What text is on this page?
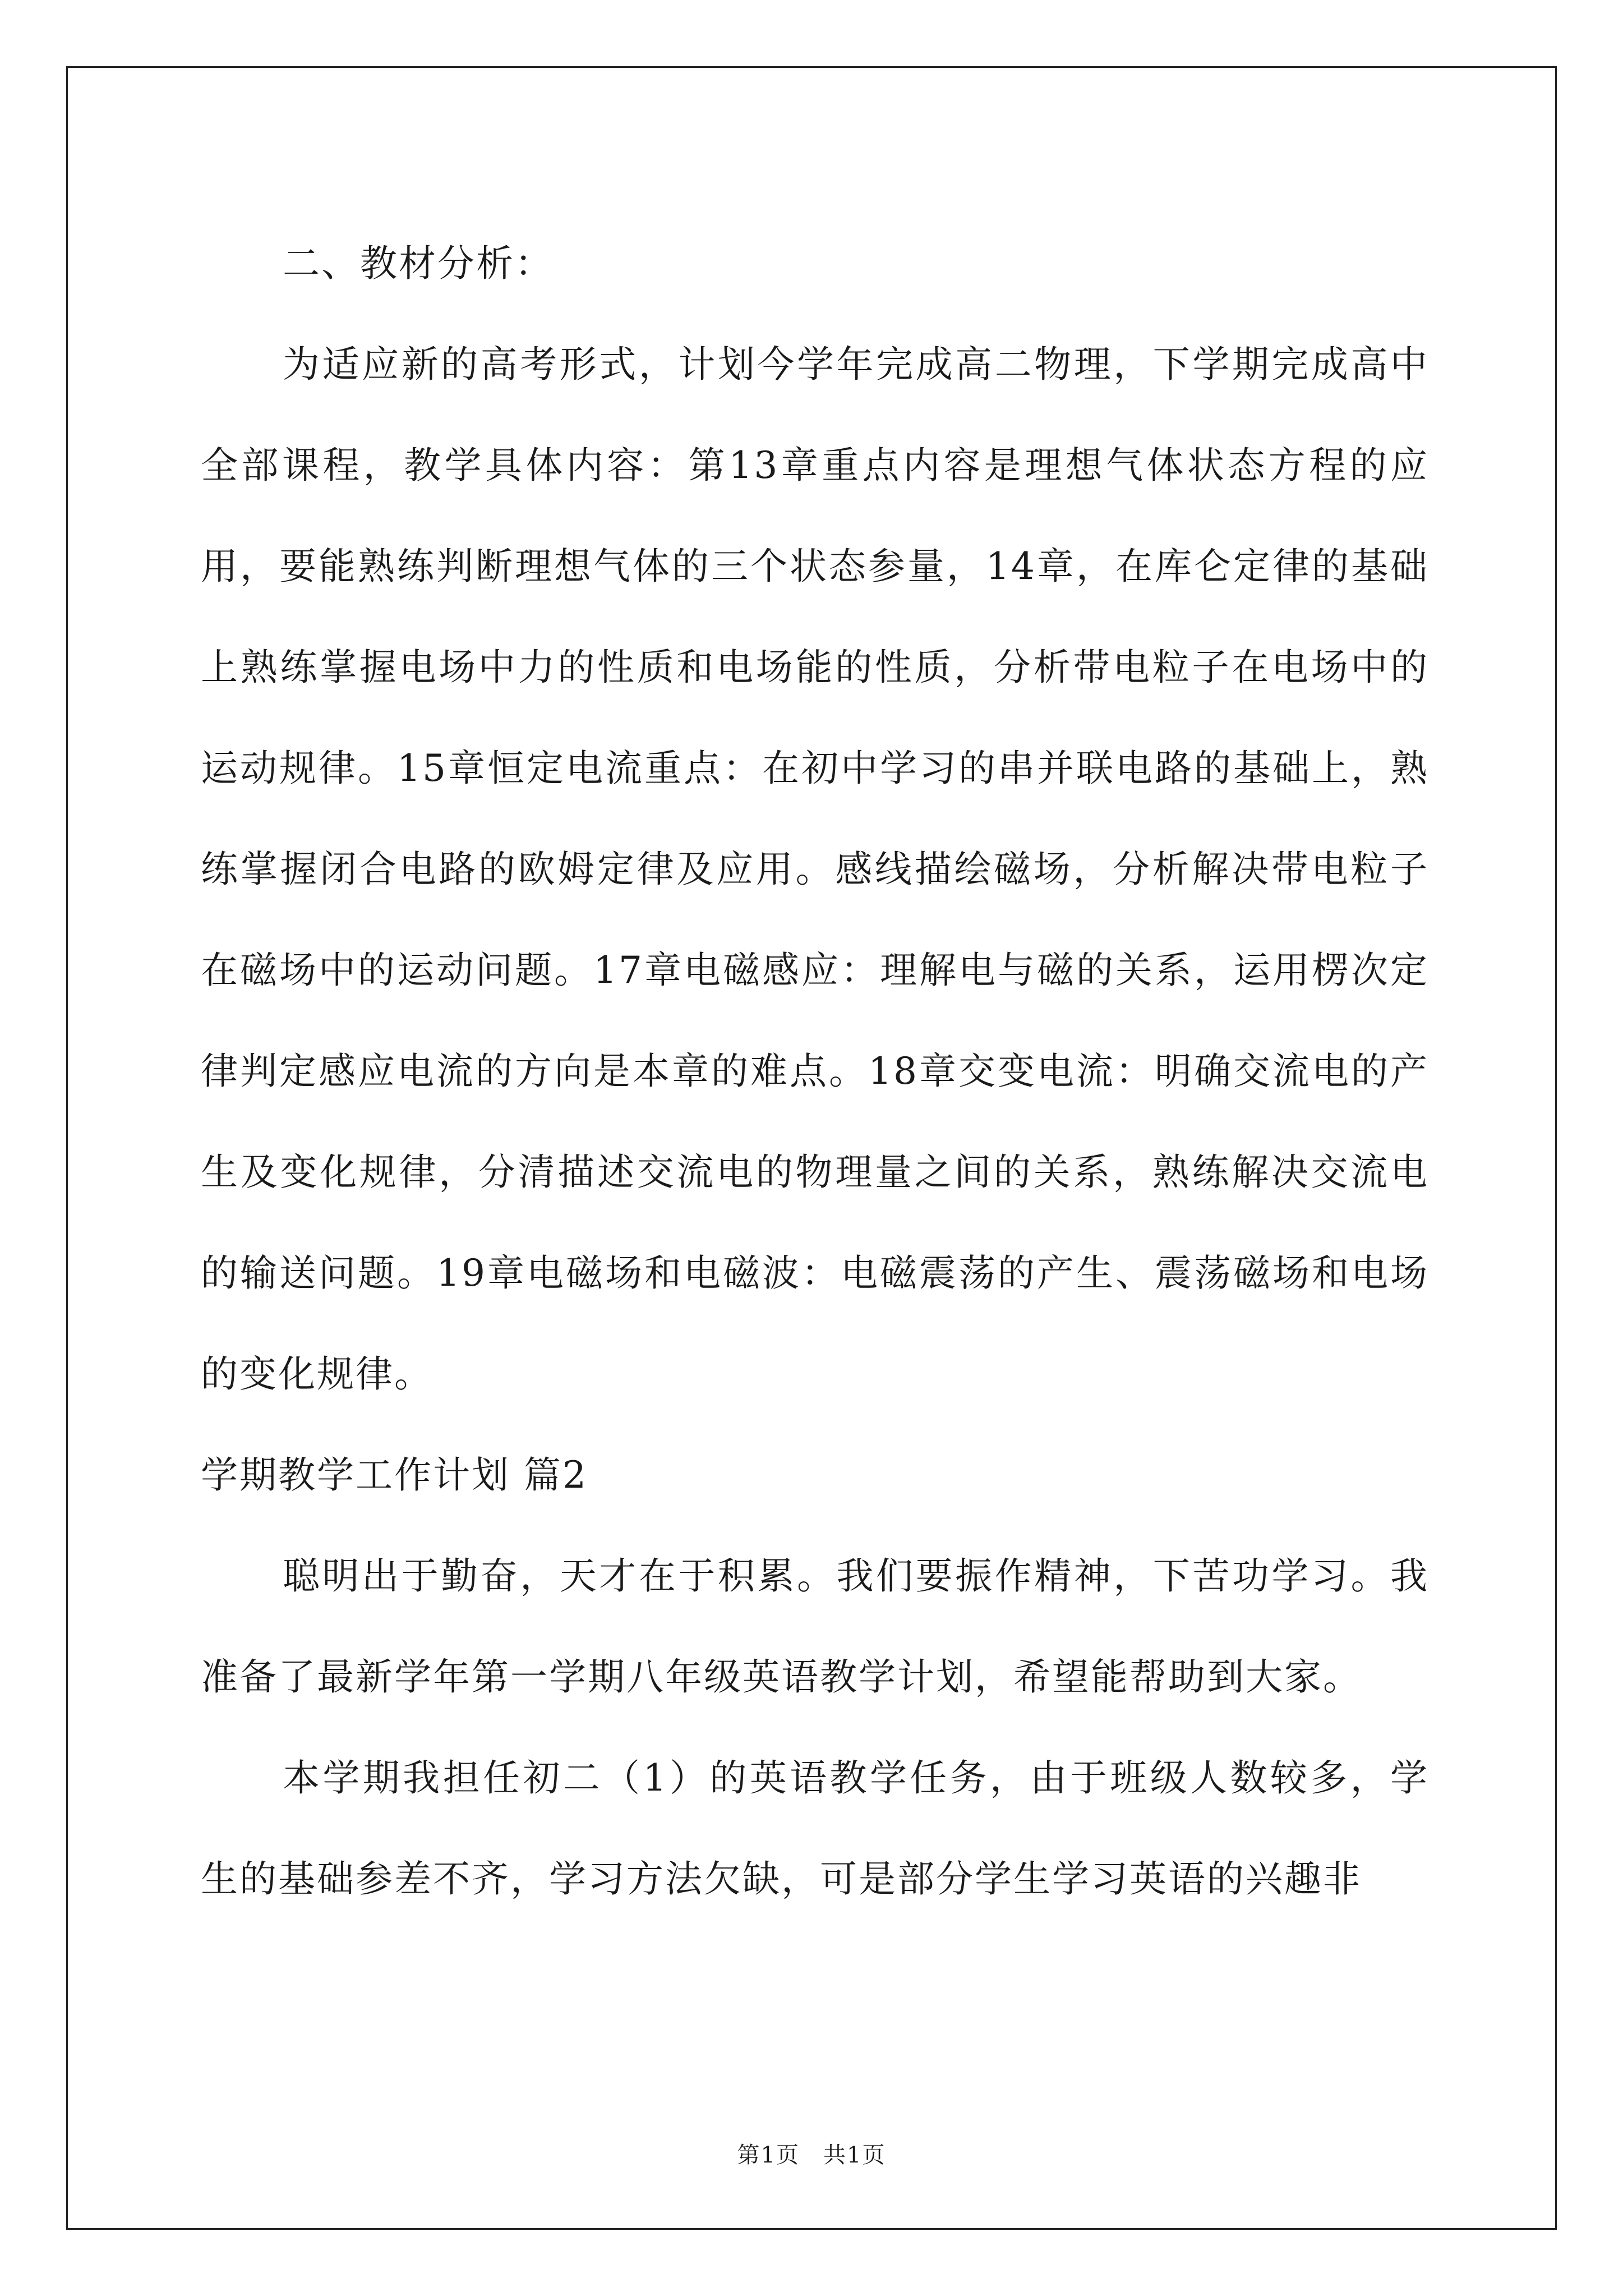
二、教材分析：

为适应新的高考形式，计划今学年完成高二物理，下学期完成高中全部课程，教学具体内容：第13章重点内容是理想气体状态方程的应用，要能熟练判断理想气体的三个状态参量，14章，在库仑定律的基础上熟练掌握电场中力的性质和电场能的性质，分析带电粒子在电场中的运动规律。15章恒定电流重点：在初中学习的串并联电路的基础上，熟练掌握闭合电路的欧姆定律及应用。感线描绘磁场，分析解决带电粒子在磁场中的运动问题。17章电磁感应：理解电与磁的关系，运用楞次定律判定感应电流的方向是本章的难点。18章交变电流：明确交流电的产生及变化规律，分清描述交流电的物理量之间的关系，熟练解决交流电的输送问题。19章电磁场和电磁波：电磁震荡的产生、震荡磁场和电场的变化规律。

学期教学工作计划 篇2

聪明出于勤奋，天才在于积累。我们要振作精神，下苦功学习。我准备了最新学年第一学期八年级英语教学计划，希望能帮助到大家。

本学期我担任初二（1）的英语教学任务，由于班级人数较多，学生的基础参差不齐，学习方法欠缺，可是部分学生学习英语的兴趣非

第1页　共1页
